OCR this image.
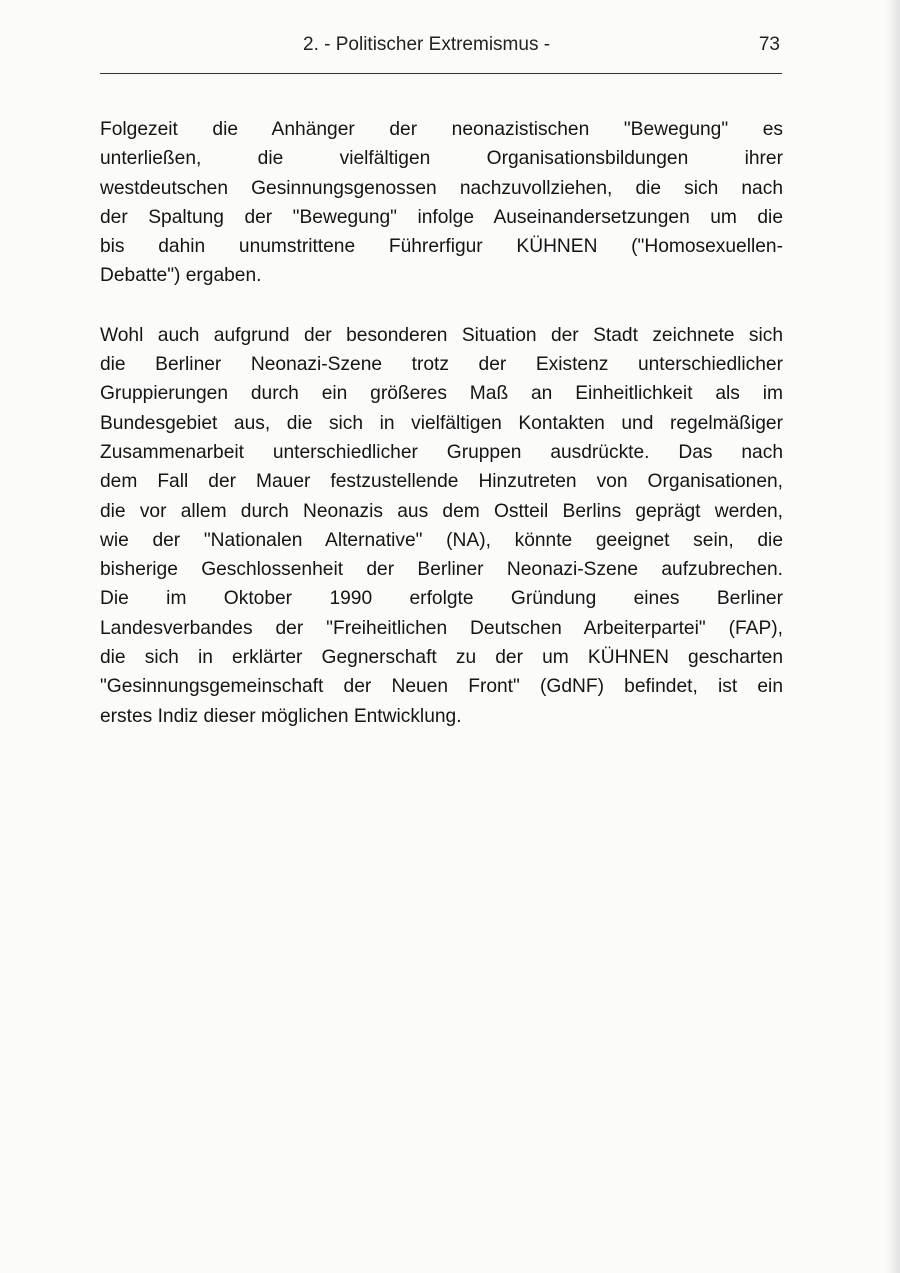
2. - Politischer Extremismus -	73

Folgezeit die Anhänger der neonazistischen "Bewegung" es
unterließen, die vielfältigen Organisationsbildungen ihrer
westdeutschen Gesinnungsgenossen nachzuvollziehen, die sich nach
der Spaltung der "Bewegung" infolge Auseinandersetzungen um die
bis dahin unumstrittene Führerfigur KÜHNEN ("Homosexuellen-
Debatte") ergaben.

Wohl auch aufgrund der besonderen Situation der Stadt zeichnete sich
die Berliner Neonazi-Szene trotz der Existenz unterschiedlicher
Gruppierungen durch ein größeres Maß an Einheitlichkeit als im
Bundesgebiet aus, die sich in vielfältigen Kontakten und regelmäßiger
Zusammenarbeit unterschiedlicher Gruppen ausdrückte. Das nach
dem Fall der Mauer festzustellende Hinzutreten von Organisationen,
die vor allem durch Neonazis aus dem Ostteil Berlins geprägt werden,
wie der "Nationalen Alternative" (NA), könnte geeignet sein, die
bisherige Geschlossenheit der Berliner Neonazi-Szene aufzubrechen.
Die im Oktober 1990 erfolgte Gründung eines Berliner
Landesverbandes der "Freiheitlichen Deutschen Arbeiterpartei" (FAP),
die sich in erklärter Gegnerschaft zu der um KÜHNEN gescharten
"Gesinnungsgemeinschaft der Neuen Front" (GdNF) befindet, ist ein
erstes Indiz dieser möglichen Entwicklung.
